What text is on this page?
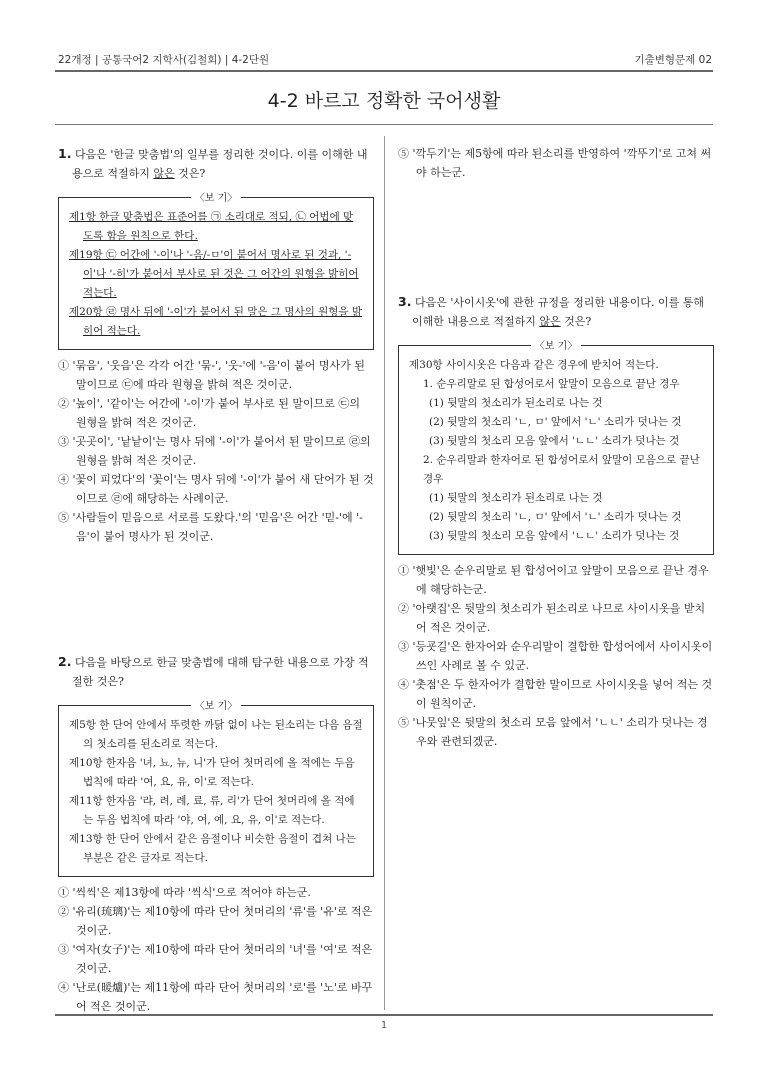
22개정 | 공통국어2 지학사(김철회) | 4-2단원	기출변형문제 02
4-2 바르고 정확한 국어생활

1. 다음은 '한글 맞춤법'의 일부를 정리한 것이다. 이를 이해한 내용으로 적절하지 않은 것은?

〈보 기〉

제1항 한글 맞춤법은 표준어를 ㉠ 소리대로 적되, ㉡ 어법에 맞도록 함을 원칙으로 한다.

제19항 ㉢ 어간에 '-이'나 '-음/-ㅁ'이 붙어서 명사로 된 것과, '-이'나 '-히'가 붙어서 부사로 된 것은 그 어간의 원형을 밝히어 적는다.

제20항 ㉣ 명사 뒤에 '-이'가 붙어서 된 말은 그 명사의 원형을 밝히어 적는다.

① '묶음', '웃음'은 각각 어간 '묶-', '웃-'에 '-음'이 붙어 명사가 된 말이므로 ㉢에 따라 원형을 밝혀 적은 것이군.

② '높이', '같이'는 어간에 '-이'가 붙어 부사로 된 말이므로 ㉢의 원형을 밝혀 적은 것이군.

③ '곳곳이', '낱낱이'는 명사 뒤에 '-이'가 붙어서 된 말이므로 ㉣의 원형을 밝혀 적은 것이군.

④ '꽃이 피었다'의 '꽃이'는 명사 뒤에 '-이'가 붙어 새 단어가 된 것이므로 ㉣에 해당하는 사례이군.

⑤ '사람들이 믿음으로 서로를 도왔다.'의 '믿음'은 어간 '믿-'에 '-음'이 붙어 명사가 된 것이군.

2. 다음을 바탕으로 한글 맞춤법에 대해 탐구한 내용으로 가장 적절한 것은?

〈보 기〉

제5항 한 단어 안에서 뚜렷한 까닭 없이 나는 된소리는 다음 음절의 첫소리를 된소리로 적는다.

제10항 한자음 '녀, 뇨, 뉴, 니'가 단어 첫머리에 올 적에는 두음 법칙에 따라 '여, 요, 유, 이'로 적는다.

제11항 한자음 '랴, 려, 례, 료, 류, 리'가 단어 첫머리에 올 적에는 두음 법칙에 따라 '야, 여, 예, 요, 유, 이'로 적는다.

제13항 한 단어 안에서 같은 음절이나 비슷한 음절이 겹쳐 나는 부분은 같은 글자로 적는다.

① '씩씩'은 제13항에 따라 '씩식'으로 적어야 하는군.

② '유리(琉璃)'는 제10항에 따라 단어 첫머리의 '류'를 '유'로 적은 것이군.

③ '여자(女子)'는 제10항에 따라 단어 첫머리의 '녀'를 '여'로 적은 것이군.

④ '난로(暖爐)'는 제11항에 따라 단어 첫머리의 '로'를 '노'로 바꾸어 적은 것이군.

⑤ '깍두기'는 제5항에 따라 된소리를 반영하여 '깍뚜기'로 고쳐 써야 하는군.

3. 다음은 '사이시옷'에 관한 규정을 정리한 내용이다. 이를 통해 이해한 내용으로 적절하지 않은 것은?

〈보 기〉

제30항 사이시옷은 다음과 같은 경우에 받치어 적는다.

1. 순우리말로 된 합성어로서 앞말이 모음으로 끝난 경우

(1) 뒷말의 첫소리가 된소리로 나는 것

(2) 뒷말의 첫소리 'ㄴ, ㅁ' 앞에서 'ㄴ' 소리가 덧나는 것

(3) 뒷말의 첫소리 모음 앞에서 'ㄴㄴ' 소리가 덧나는 것

2. 순우리말과 한자어로 된 합성어로서 앞말이 모음으로 끝난 경우

(1) 뒷말의 첫소리가 된소리로 나는 것

(2) 뒷말의 첫소리 'ㄴ, ㅁ' 앞에서 'ㄴ' 소리가 덧나는 것

(3) 뒷말의 첫소리 모음 앞에서 'ㄴㄴ' 소리가 덧나는 것

① '햇빛'은 순우리말로 된 합성어이고 앞말이 모음으로 끝난 경우에 해당하는군.

② '아랫집'은 뒷말의 첫소리가 된소리로 나므로 사이시옷을 받치어 적은 것이군.

③ '등굣길'은 한자어와 순우리말이 결합한 합성어에서 사이시옷이 쓰인 사례로 볼 수 있군.

④ '촛점'은 두 한자어가 결합한 말이므로 사이시옷을 넣어 적는 것이 원칙이군.

⑤ '나뭇잎'은 뒷말의 첫소리 모음 앞에서 'ㄴㄴ' 소리가 덧나는 경우와 관련되겠군.

1
